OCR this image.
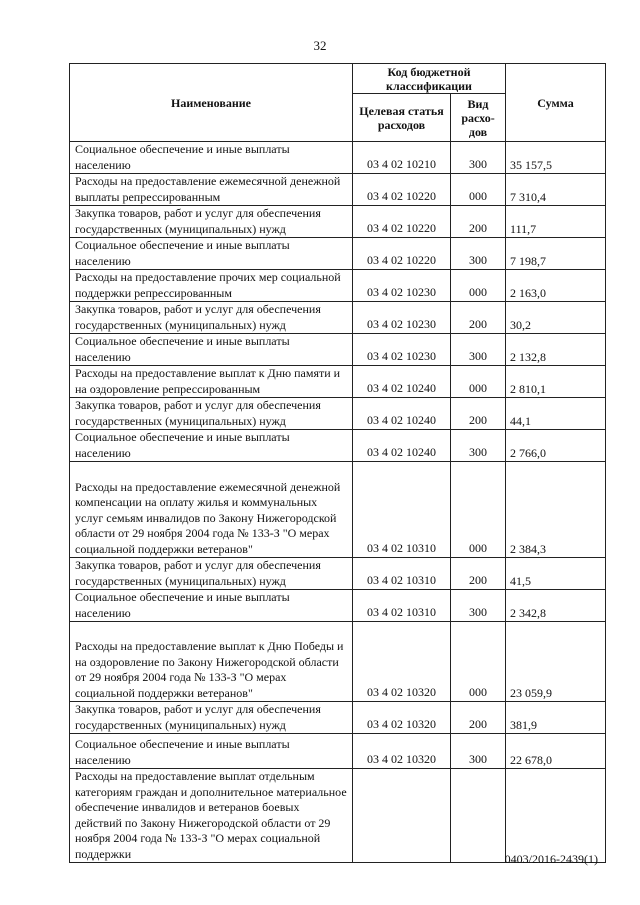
32
Наименование	Код бюджетной классификации		Сумма
	Целевая статья расходов	Вид расхо-дов	
Социальное обеспечение и иные выплаты населению	03 4 02 10210	300	35 157,5
Расходы на предоставление ежемесячной денежной выплаты репрессированным	03 4 02 10220	000	7 310,4
Закупка товаров, работ и услуг для обеспечения государственных (муниципальных) нужд	03 4 02 10220	200	111,7
Социальное обеспечение и иные выплаты населению	03 4 02 10220	300	7 198,7
Расходы на предоставление прочих мер социальной поддержки репрессированным	03 4 02 10230	000	2 163,0
Закупка товаров, работ и услуг для обеспечения государственных (муниципальных) нужд	03 4 02 10230	200	30,2
Социальное обеспечение и иные выплаты населению	03 4 02 10230	300	2 132,8
Расходы на предоставление выплат к Дню памяти и на оздоровление репрессированным	03 4 02 10240	000	2 810,1
Закупка товаров, работ и услуг для обеспечения государственных (муниципальных) нужд	03 4 02 10240	200	44,1
Социальное обеспечение и иные выплаты населению	03 4 02 10240	300	2 766,0
Расходы на предоставление ежемесячной денежной компенсации на оплату жилья и коммунальных услуг семьям инвалидов по Закону Нижегородской области от 29 ноября 2004 года № 133-З "О мерах социальной поддержки ветеранов"	03 4 02 10310	000	2 384,3
Закупка товаров, работ и услуг для обеспечения государственных (муниципальных) нужд	03 4 02 10310	200	41,5
Социальное обеспечение и иные выплаты населению	03 4 02 10310	300	2 342,8
Расходы на предоставление выплат к Дню Победы и на оздоровление по Закону Нижегородской области от 29 ноября 2004 года № 133-З "О мерах социальной поддержки ветеранов"	03 4 02 10320	000	23 059,9
Закупка товаров, работ и услуг для обеспечения государственных (муниципальных) нужд	03 4 02 10320	200	381,9
Социальное обеспечение и иные выплаты населению	03 4 02 10320	300	22 678,0
Расходы на предоставление выплат отдельным категориям граждан и дополнительное материальное обеспечение инвалидов и ветеранов боевых действий по Закону Нижегородской области от 29 ноября 2004 года № 133-З "О мерах социальной поддержки				0403/2016-2439(1)
